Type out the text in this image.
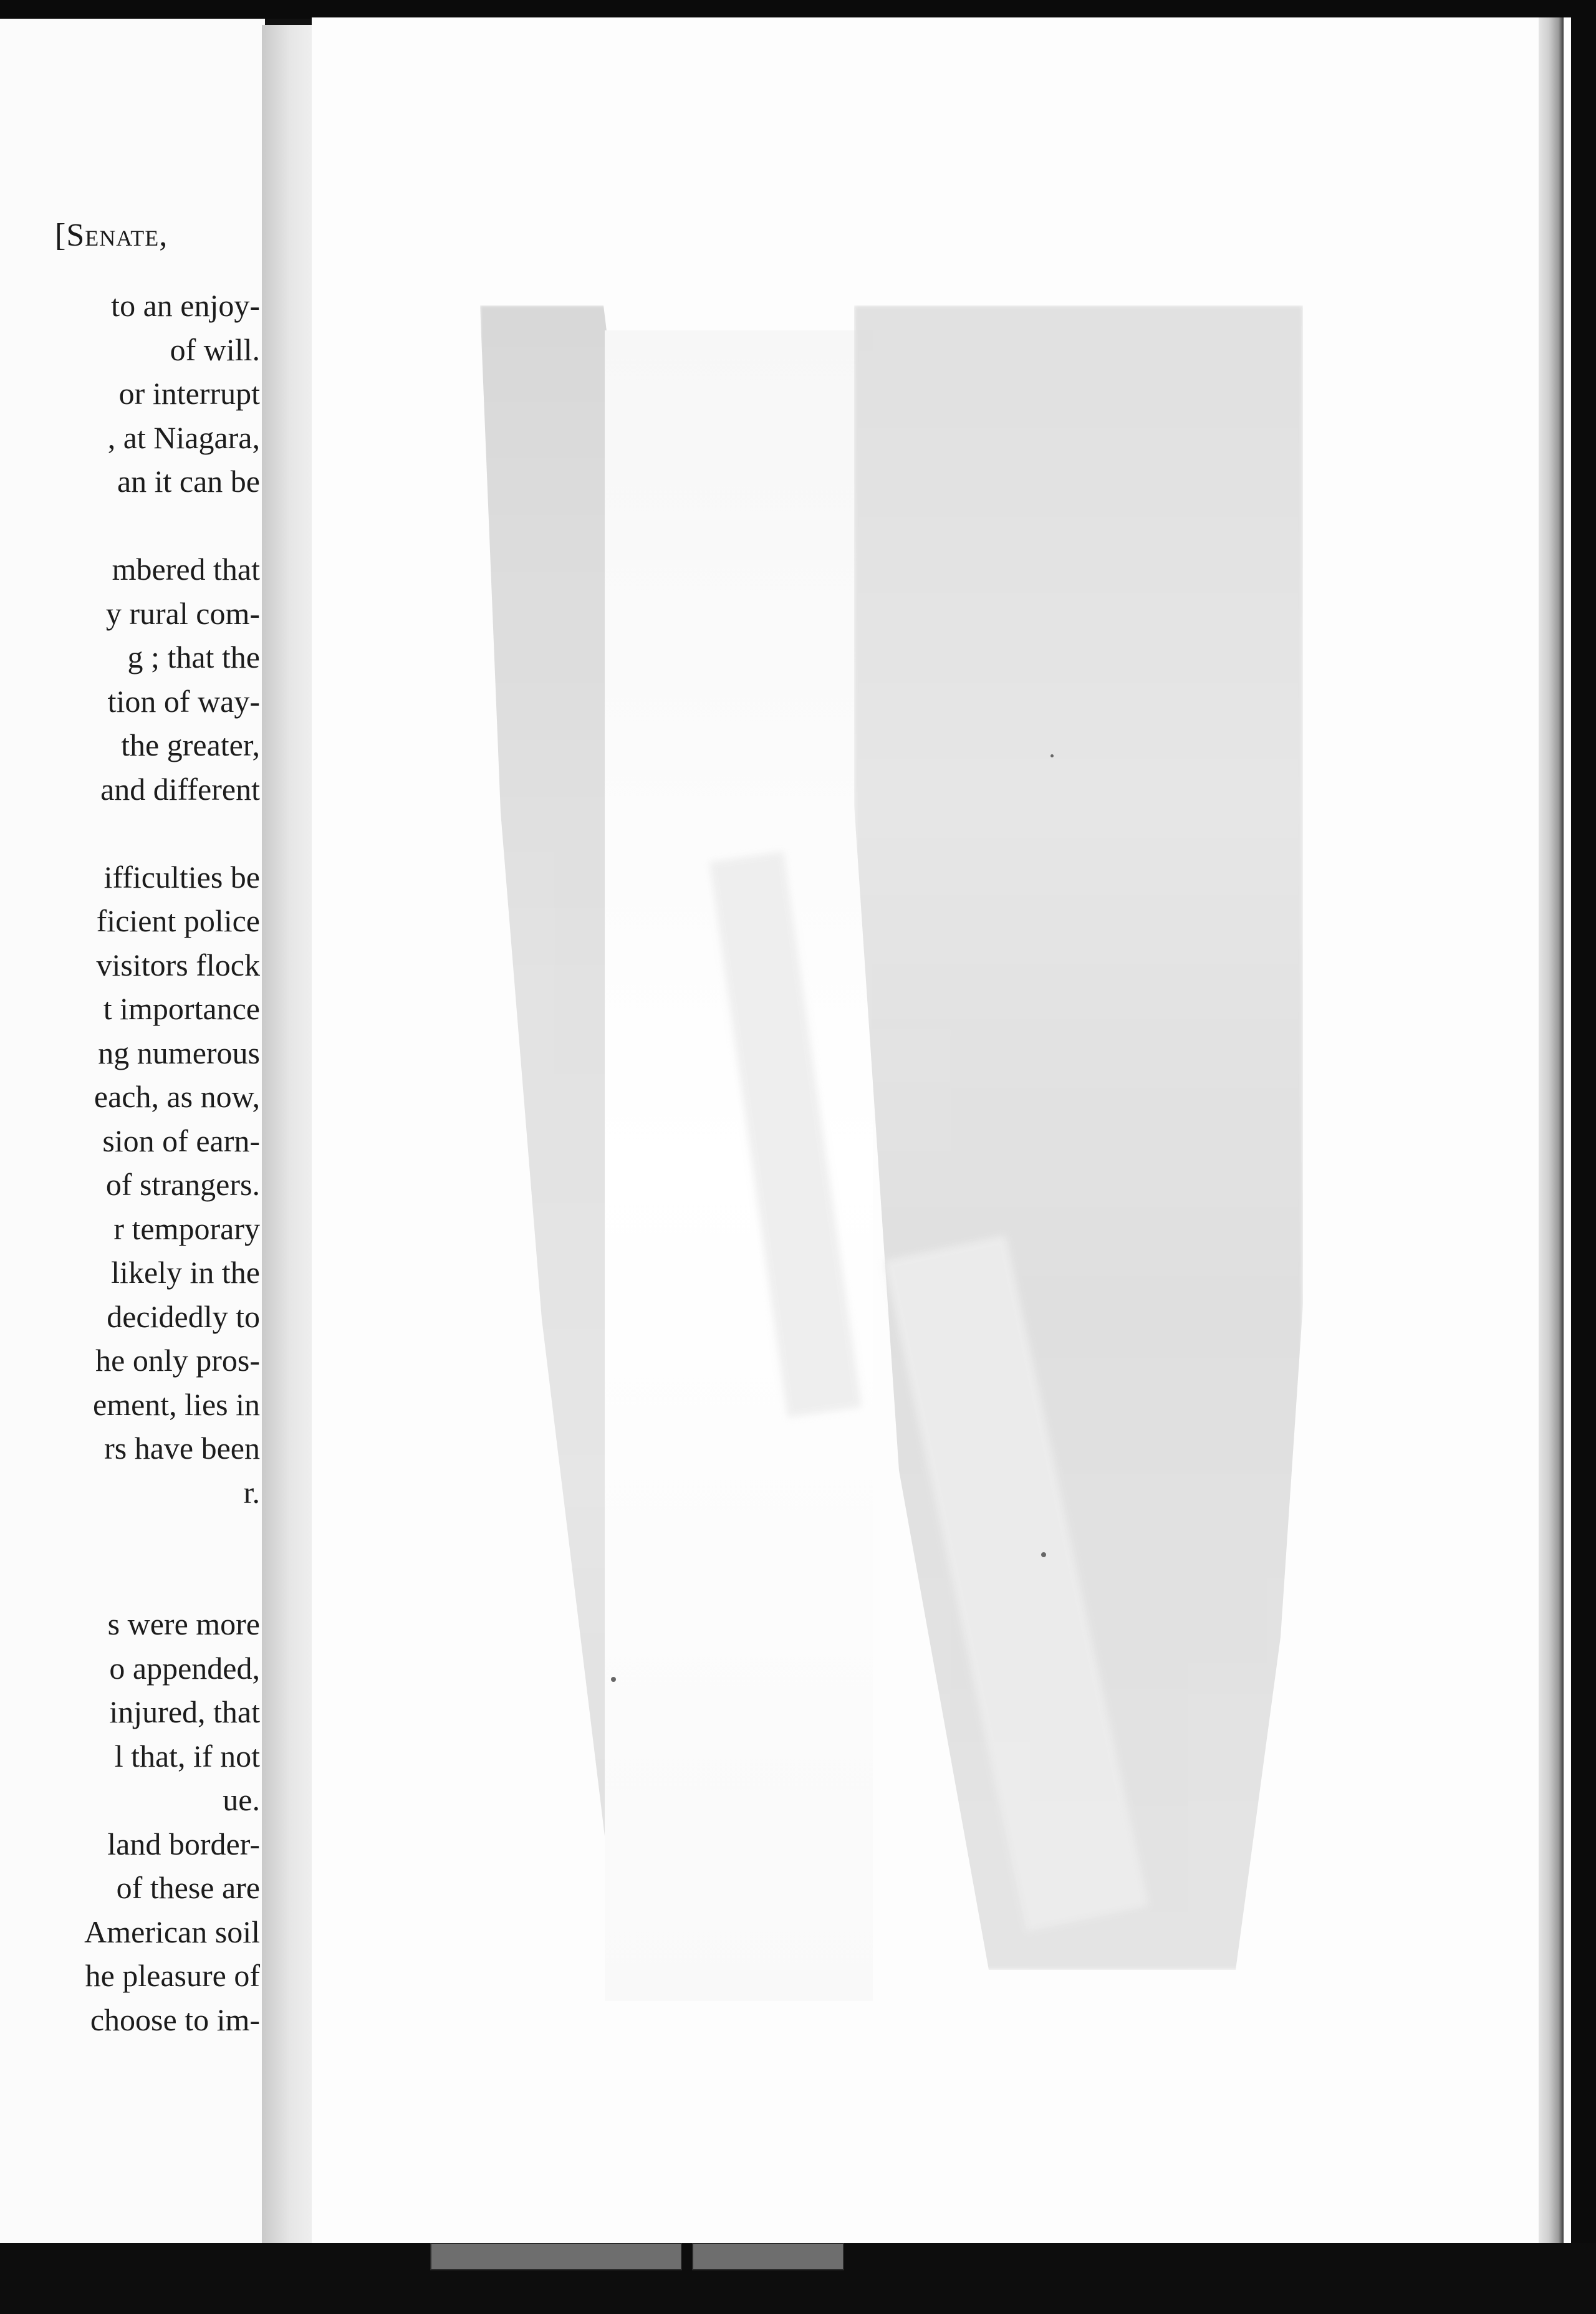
[Senate,
to an enjoy-
of will.
or interrupt
, at Niagara,
an it can be
mbered that
y rural com-
g ; that the
tion of way-
the greater,
and different
ifficulties be
ficient police
visitors flock
t importance
ng numerous
each, as now,
sion of earn-
of strangers.
r temporary
likely in the
decidedly to
he only pros-
ement, lies in
rs have been
r.
s were more
o appended,
injured, that
l that, if not
ue.
land border-
of these are
American soil
he pleasure of
choose to im-
